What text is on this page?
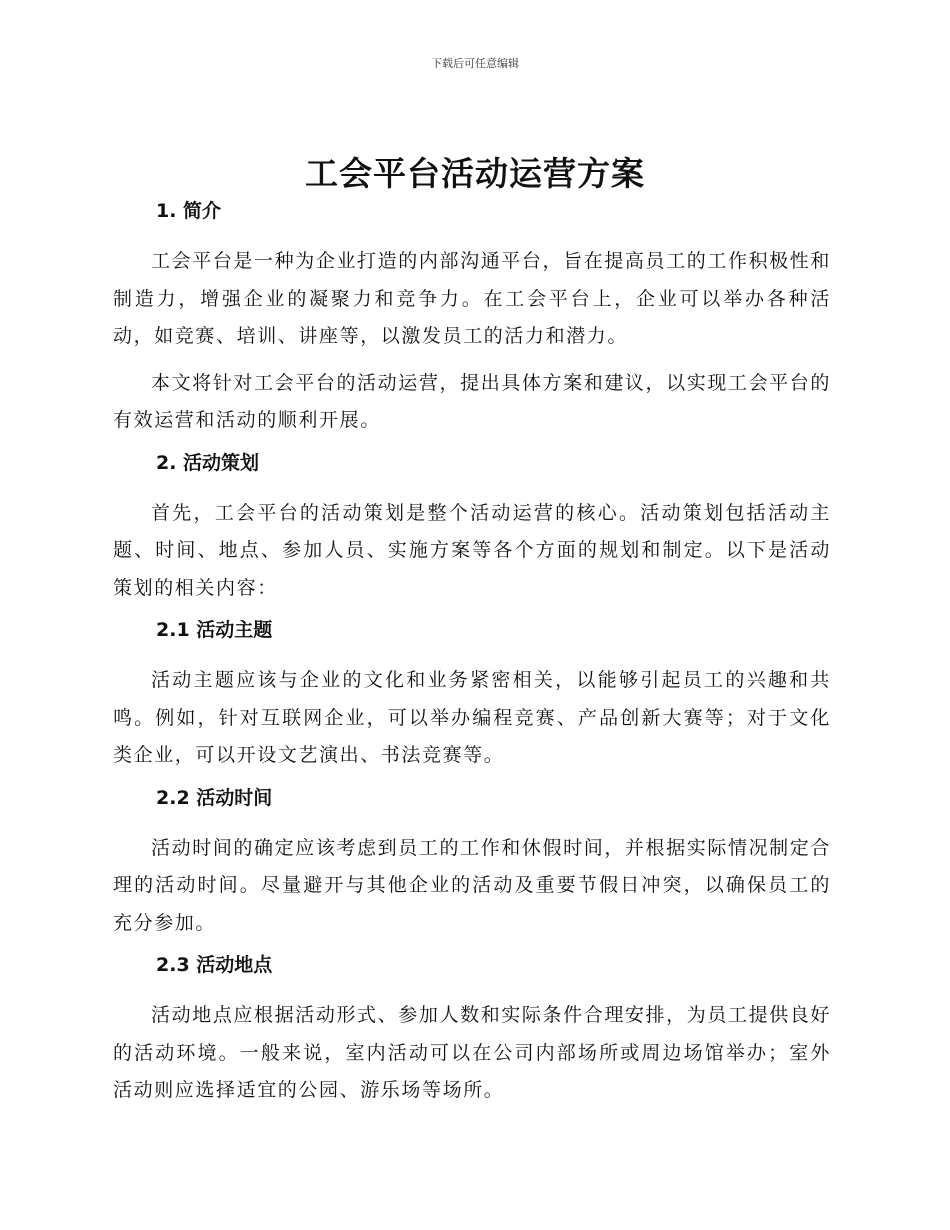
下载后可任意编辑
工会平台活动运营方案
1. 简介

工会平台是一种为企业打造的内部沟通平台，旨在提高员工的工作积极性和制造力，增强企业的凝聚力和竞争力。在工会平台上，企业可以举办各种活动，如竞赛、培训、讲座等，以激发员工的活力和潜力。

本文将针对工会平台的活动运营，提出具体方案和建议，以实现工会平台的有效运营和活动的顺利开展。

2. 活动策划

首先，工会平台的活动策划是整个活动运营的核心。活动策划包括活动主题、时间、地点、参加人员、实施方案等各个方面的规划和制定。以下是活动策划的相关内容：

2.1 活动主题

活动主题应该与企业的文化和业务紧密相关，以能够引起员工的兴趣和共鸣。例如，针对互联网企业，可以举办编程竞赛、产品创新大赛等；对于文化类企业，可以开设文艺演出、书法竞赛等。

2.2 活动时间

活动时间的确定应该考虑到员工的工作和休假时间，并根据实际情况制定合理的活动时间。尽量避开与其他企业的活动及重要节假日冲突，以确保员工的充分参加。

2.3 活动地点

活动地点应根据活动形式、参加人数和实际条件合理安排，为员工提供良好的活动环境。一般来说，室内活动可以在公司内部场所或周边场馆举办；室外活动则应选择适宜的公园、游乐场等场所。
